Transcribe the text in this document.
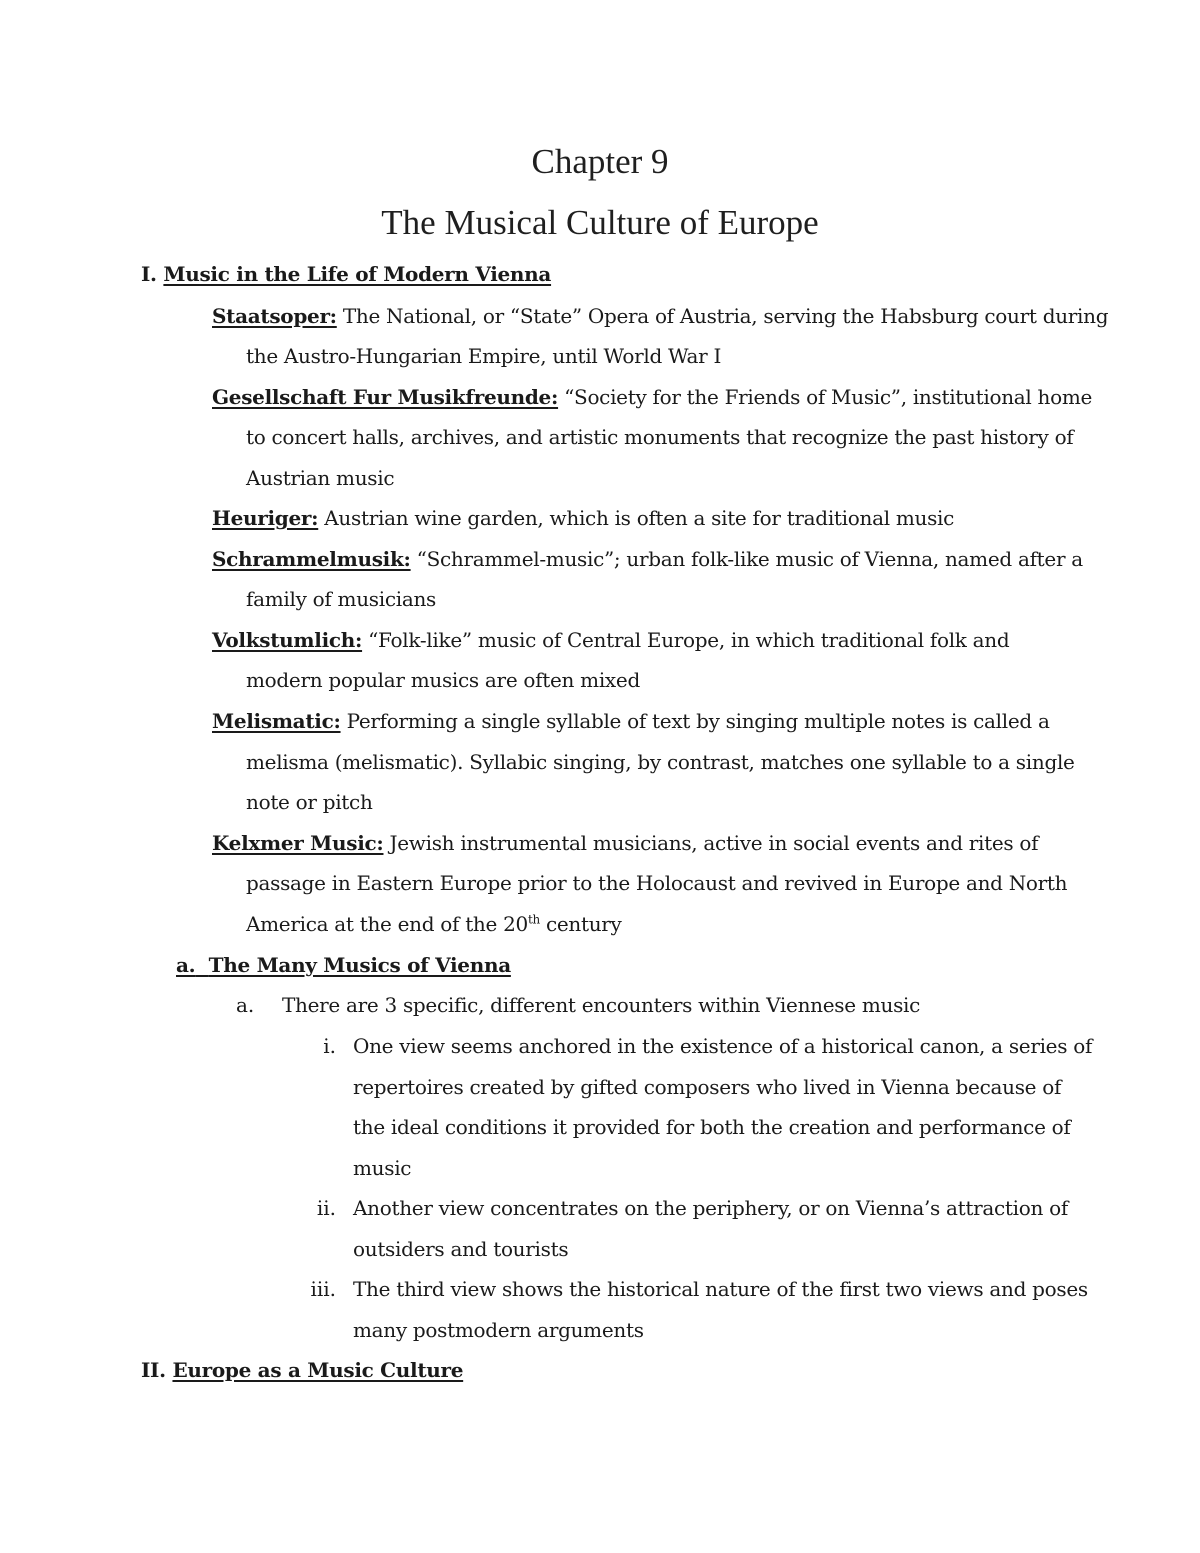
Chapter 9
The Musical Culture of Europe
I. Music in the Life of Modern Vienna
Staatsoper: The National, or “State” Opera of Austria, serving the Habsburg court during
the Austro-Hungarian Empire, until World War I
Gesellschaft Fur Musikfreunde: “Society for the Friends of Music”, institutional home
to concert halls, archives, and artistic monuments that recognize the past history of
Austrian music
Heuriger: Austrian wine garden, which is often a site for traditional music
Schrammelmusik: “Schrammel-music”; urban folk-like music of Vienna, named after a
family of musicians
Volkstumlich: “Folk-like” music of Central Europe, in which traditional folk and
modern popular musics are often mixed
Melismatic: Performing a single syllable of text by singing multiple notes is called a
melisma (melismatic). Syllabic singing, by contrast, matches one syllable to a single
note or pitch
Kelxmer Music: Jewish instrumental musicians, active in social events and rites of
passage in Eastern Europe prior to the Holocaust and revived in Europe and North
America at the end of the 20th century
a. The Many Musics of Vienna
a.	There are 3 specific, different encounters within Viennese music
i. One view seems anchored in the existence of a historical canon, a series of
repertoires created by gifted composers who lived in Vienna because of
the ideal conditions it provided for both the creation and performance of
music
ii. Another view concentrates on the periphery, or on Vienna’s attraction of
outsiders and tourists
iii. The third view shows the historical nature of the first two views and poses
many postmodern arguments
II. Europe as a Music Culture
